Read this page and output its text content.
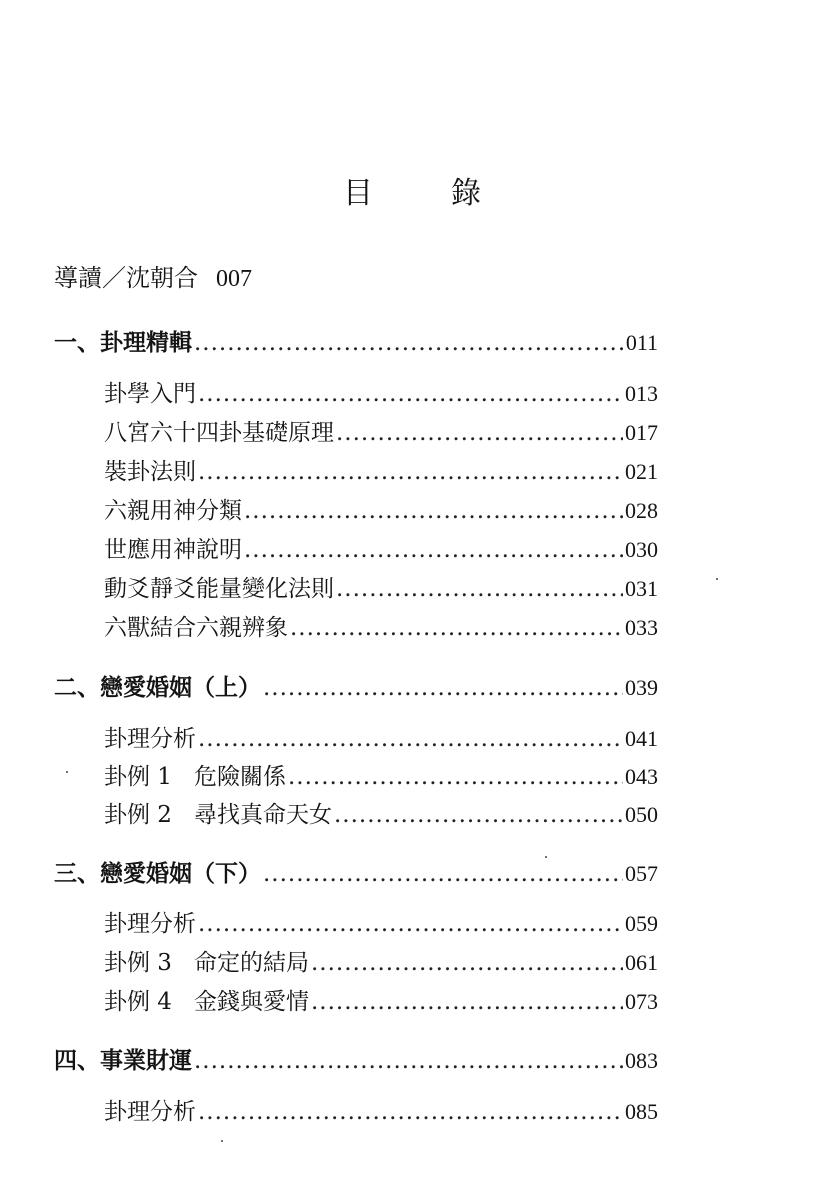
目	錄
導讀／沈朝合 007
一、卦理精輯 .....	011
卦學入門 .....	013
八宮六十四卦基礎原理 .....	017
裝卦法則 .....	021
六親用神分類 .....	028
世應用神說明 .....	030
動爻靜爻能量變化法則 .....	031
六獸結合六親辨象 .....	033
二、戀愛婚姻（上） .....	039
卦理分析 .....	041
卦例 1 危險關係 .....	043
卦例 2 尋找真命天女 .....	050
三、戀愛婚姻（下） .....	057
卦理分析 .....	059
卦例 3 命定的結局 .....	061
卦例 4 金錢與愛情 .....	073
四、事業財運 .....	083
卦理分析 .....	085
